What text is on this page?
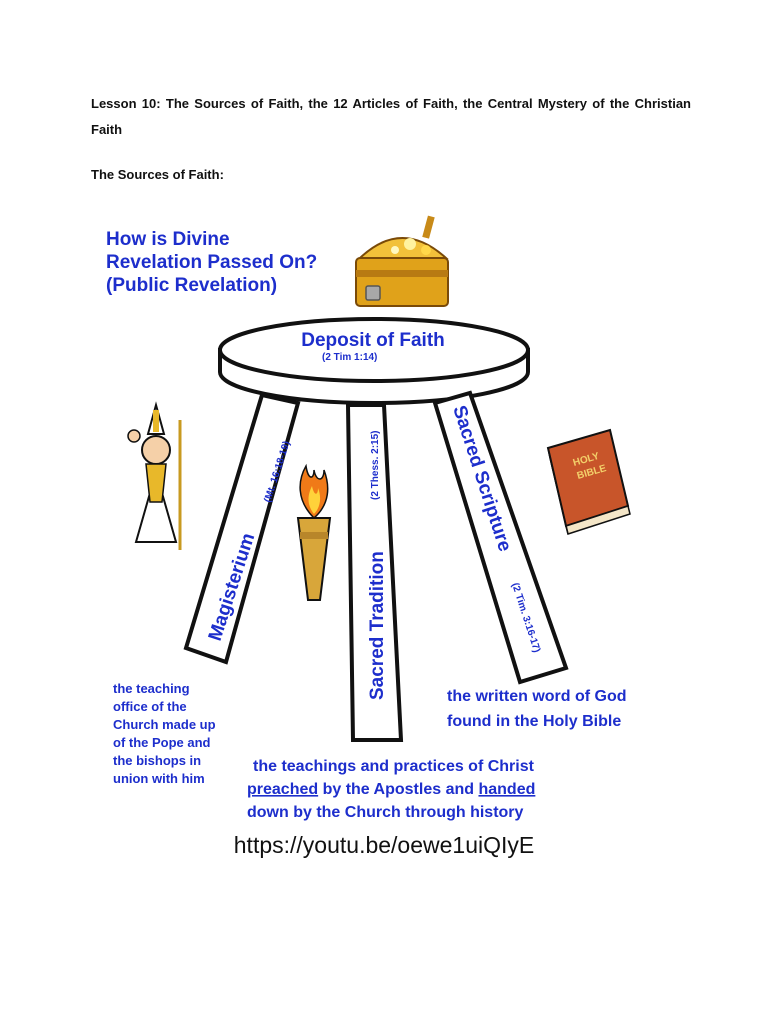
Lesson 10: The Sources of Faith, the 12 Articles of Faith, the Central Mystery of the Christian Faith

The Sources of Faith:

How is Divine
Revelation Passed On?
(Public Revelation)
Deposit of Faith
(2 Tim 1:14)
Magisterium
(Mt. 16:18-19)
Sacred Tradition
(2 Thess. 2:15)	Sacred Scripture
(2 Tim. 3:16-17)
HOLY
BIBLE
the teaching
office of the
Church made up
of the Pope and
the bishops in
union with him
the written word of God
found in the Holy Bible
the teachings and practices of Christ
preached by the Apostles and handed
down by the Church through history
https://youtu.be/oewe1uiQIyE
